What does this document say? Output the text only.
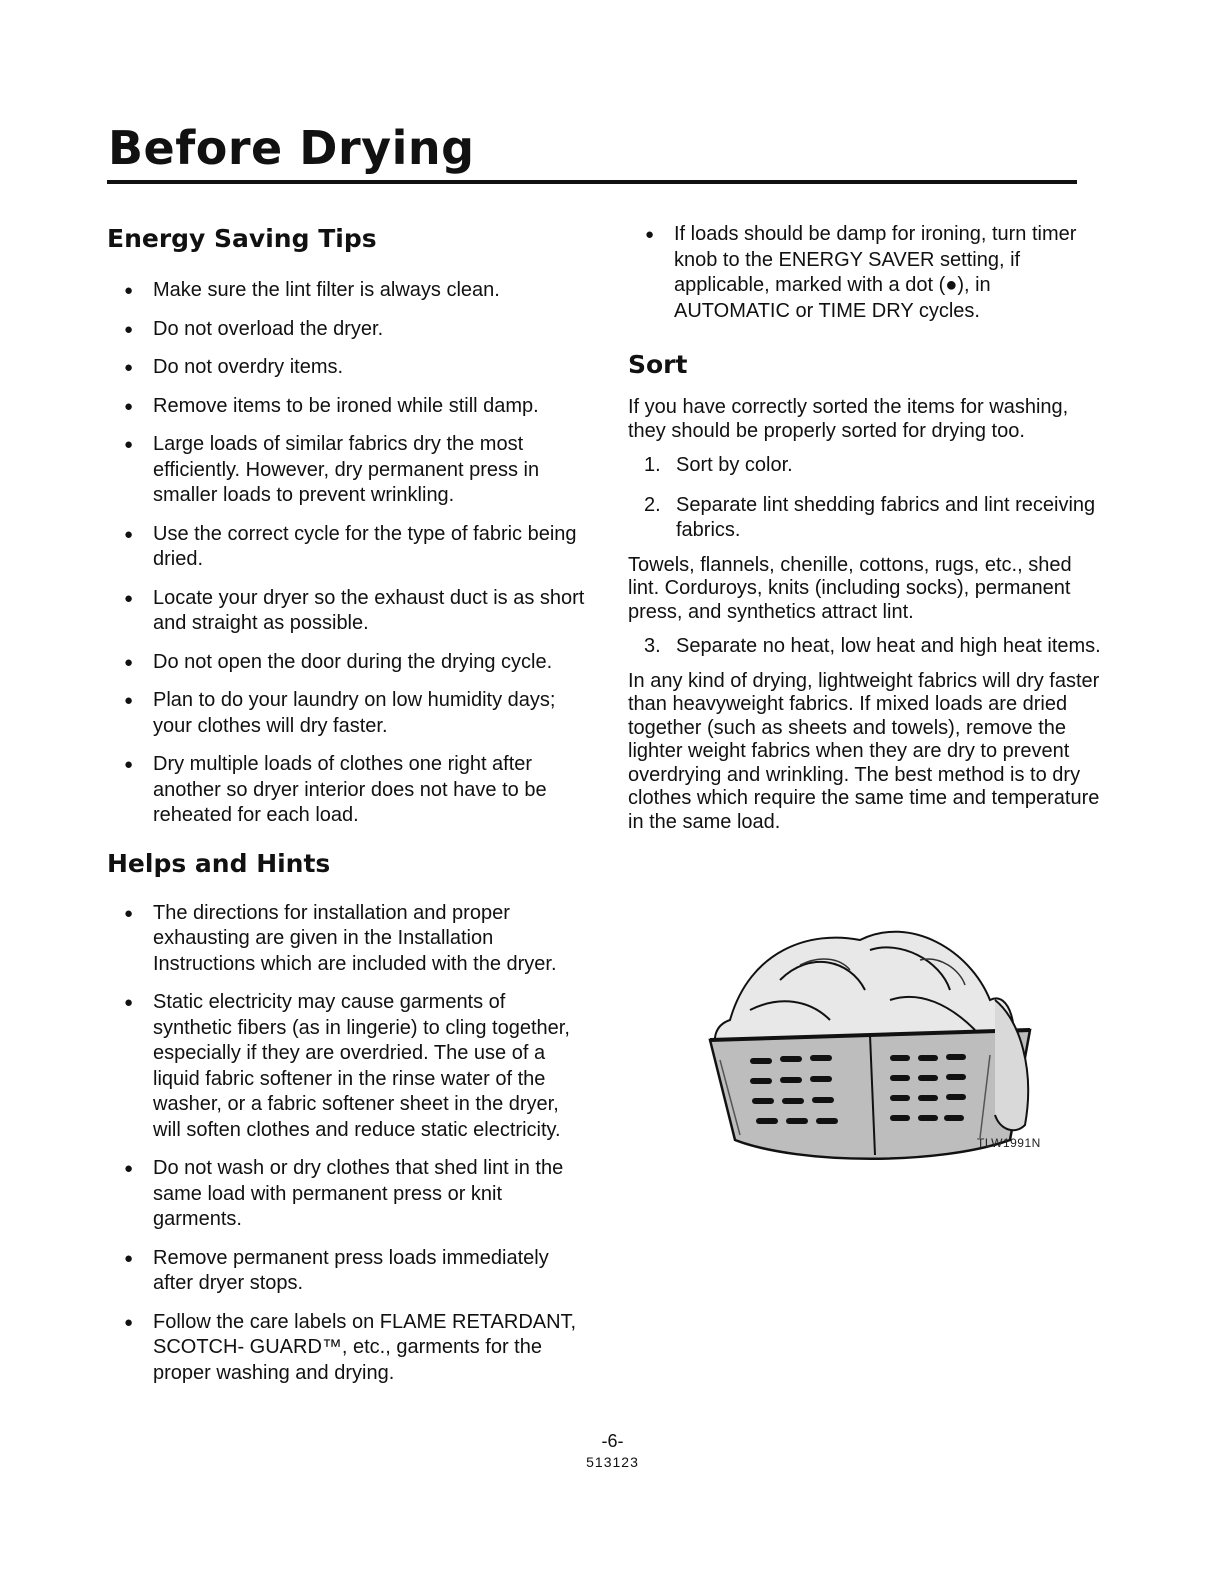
Before Drying
Energy Saving Tips
● Make sure the lint filter is always clean.
● Do not overload the dryer.
● Do not overdry items.
● Remove items to be ironed while still damp.
● Large loads of similar fabrics dry the most efficiently. However, dry permanent press in smaller loads to prevent wrinkling.
● Use the correct cycle for the type of fabric being dried.
● Locate your dryer so the exhaust duct is as short and straight as possible.
● Do not open the door during the drying cycle.
● Plan to do your laundry on low humidity days; your clothes will dry faster.
● Dry multiple loads of clothes one right after another so dryer interior does not have to be reheated for each load.
Helps and Hints
● The directions for installation and proper exhausting are given in the Installation Instructions which are included with the dryer.
● Static electricity may cause garments of synthetic fibers (as in lingerie) to cling together, especially if they are overdried. The use of a liquid fabric softener in the rinse water of the washer, or a fabric softener sheet in the dryer, will soften clothes and reduce static electricity.
● Do not wash or dry clothes that shed lint in the same load with permanent press or knit garments.
● Remove permanent press loads immediately after dryer stops.
● Follow the care labels on FLAME RETARDANT, SCOTCH- GUARD™, etc., garments for the proper washing and drying.
● If loads should be damp for ironing, turn timer knob to the ENERGY SAVER setting, if applicable, marked with a dot (●), in AUTOMATIC or TIME DRY cycles.
Sort

If you have correctly sorted the items for washing, they should be properly sorted for drying too.

1. Sort by color.
2. Separate lint shedding fabrics and lint receiving fabrics.

Towels, flannels, chenille, cottons, rugs, etc., shed lint. Corduroys, knits (including socks), permanent press, and synthetics attract lint.

3. Separate no heat, low heat and high heat items.

In any kind of drying, lightweight fabrics will dry faster than heavyweight fabrics. If mixed loads are dried together (such as sheets and towels), remove the lighter weight fabrics when they are dry to prevent overdrying and wrinkling. The best method is to dry clothes which require the same time and temperature in the same load.

TLW1991N
-6-
513123
